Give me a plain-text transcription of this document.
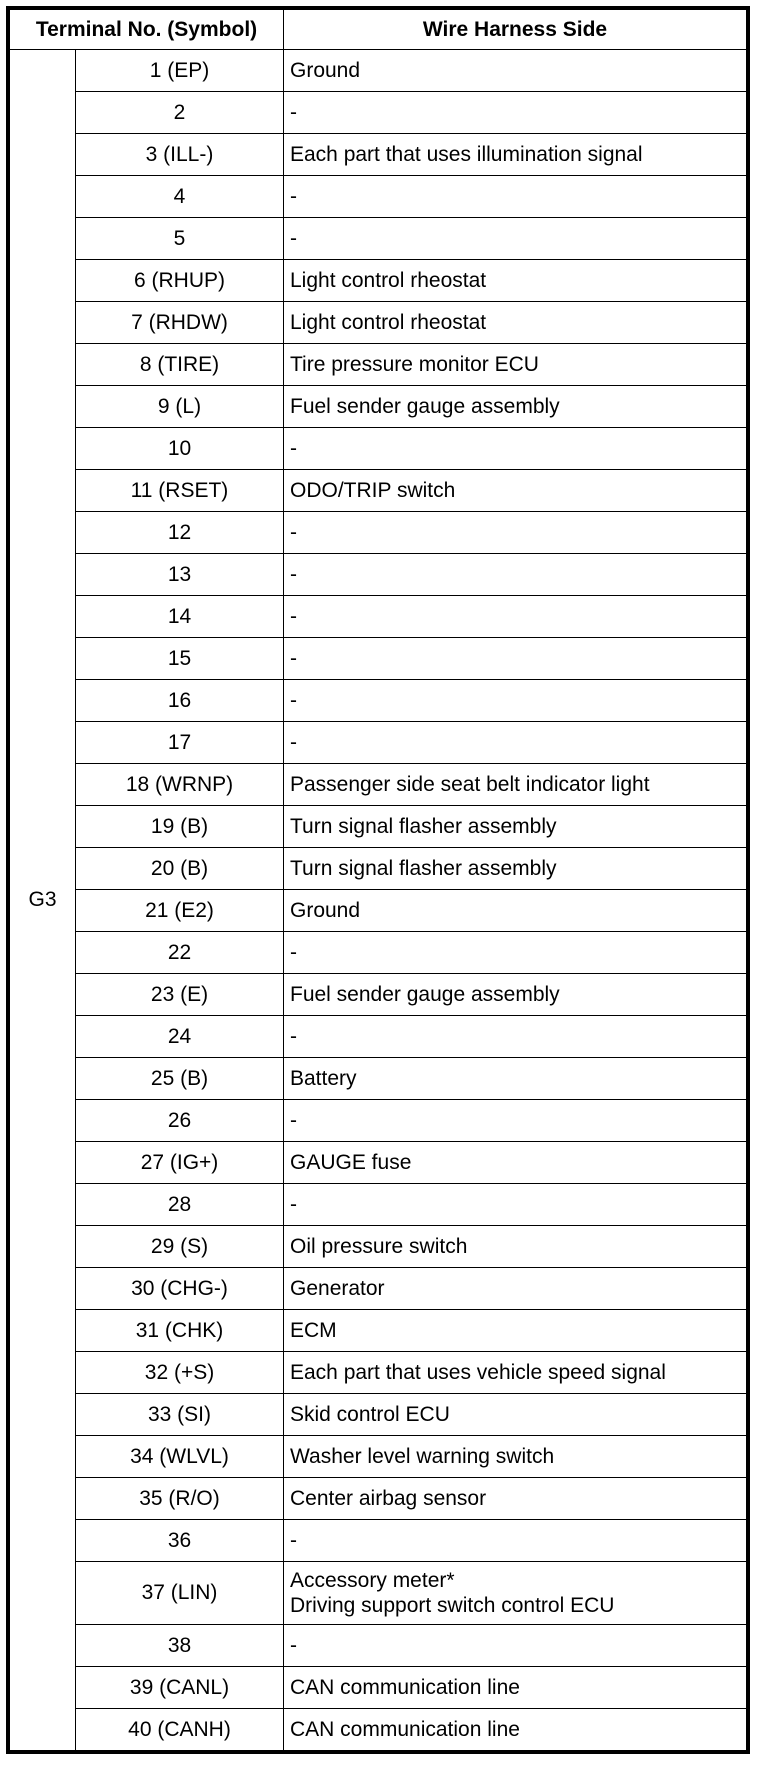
Terminal No. (Symbol)		Wire Harness Side
G3	1 (EP)	Ground

	2	-

	3 (ILL-)	Each part that uses illumination signal

	4	-

	5	-

	6 (RHUP)	Light control rheostat

	7 (RHDW)	Light control rheostat

	8 (TIRE)	Tire pressure monitor ECU

	9 (L)	Fuel sender gauge assembly

	10	-

	11 (RSET)	ODO/TRIP switch

	12	-

	13	-

	14	-

	15	-

	16	-

	17	-

	18 (WRNP)	Passenger side seat belt indicator light

	19 (B)	Turn signal flasher assembly

	20 (B)	Turn signal flasher assembly

	21 (E2)	Ground

	22	-

	23 (E)	Fuel sender gauge assembly

	24	-

	25 (B)	Battery

	26	-

	27 (IG+)	GAUGE fuse

	28	-

	29 (S)	Oil pressure switch

	30 (CHG-)	Generator

	31 (CHK)	ECM

	32 (+S)	Each part that uses vehicle speed signal

	33 (SI)	Skid control ECU

	34 (WLVL)	Washer level warning switch

	35 (R/O)	Center airbag sensor

	36	-

	37 (LIN)	Accessory meter*
Driving support switch control ECU

	38	-

	39 (CANL)	CAN communication line

	40 (CANH)	CAN communication line
